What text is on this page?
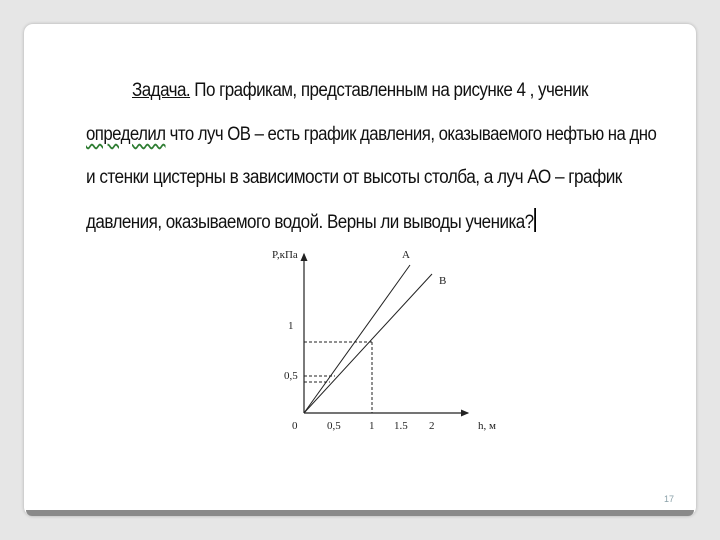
Задача. По графикам, представленным на рисунке 4 , ученик
определил что луч ОВ – есть график давления, оказываемого нефтью на дно
и стенки цистерны в зависимости от высоты столба, а луч АО – график
давления, оказываемого водой. Верны ли выводы ученика?
P,кПа
h, м
0
1
0,5
0,5	1 1.5 2
A
B
17
